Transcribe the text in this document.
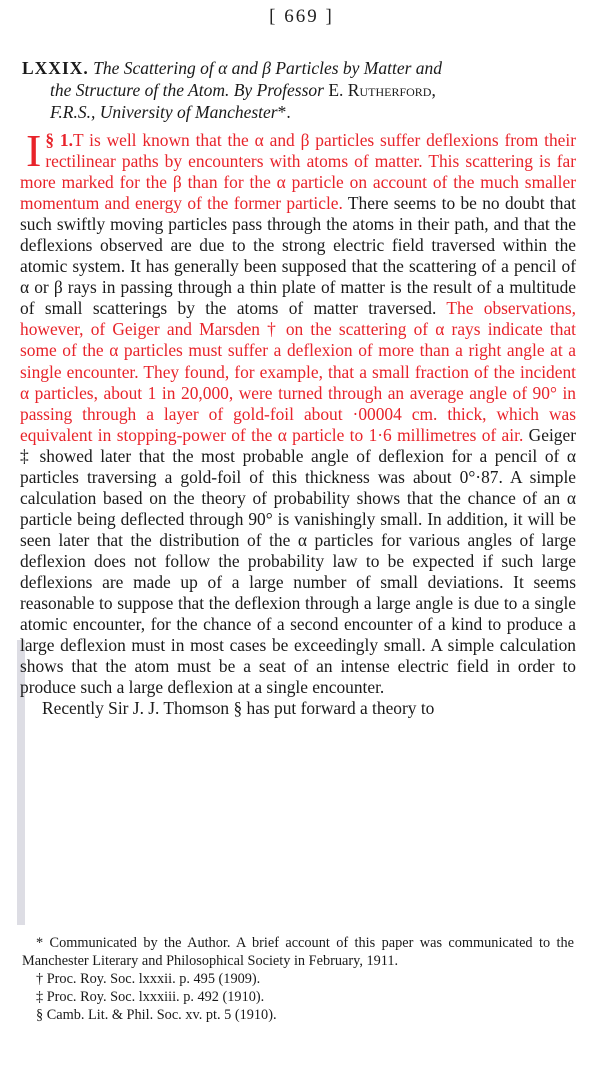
[ 669 ]
LXXIX. The Scattering of α and β Particles by Matter and
the Structure of the Atom. By Professor E. Rutherford,
F.R.S., University of Manchester*.

§ 1.
I T is well known that the α and β particles suffer deflexions from their rectilinear paths by encounters with atoms of matter. This scattering is far more marked for the β than for the α particle on account of the much smaller momentum and energy of the former particle. There seems to be no doubt that such swiftly moving particles pass through the atoms in their path, and that the deflexions observed are due to the strong electric field traversed within the atomic system. It has generally been supposed that the scattering of a pencil of α or β rays in passing through a thin plate of matter is the result of a multitude of small scatterings by the atoms of matter traversed. The observations, however, of Geiger and Marsden † on the scattering of α rays indicate that some of the α particles must suffer a deflexion of more than a right angle at a single encounter. They found, for example, that a small fraction of the incident α particles, about 1 in 20,000, were turned through an average angle of 90° in passing through a layer of gold-foil about ·00004 cm. thick, which was equivalent in stopping-power of the α particle to 1·6 millimetres of air. Geiger ‡ showed later that the most probable angle of deflexion for a pencil of α particles traversing a gold-foil of this thickness was about 0°·87. A simple calculation based on the theory of probability shows that the chance of an α particle being deflected through 90° is vanishingly small. In addition, it will be seen later that the distribution of the α particles for various angles of large deflexion does not follow the probability law to be expected if such large deflexions are made up of a large number of small deviations. It seems reasonable to suppose that the deflexion through a large angle is due to a single atomic encounter, for the chance of a second encounter of a kind to produce a large deflexion must in most cases be exceedingly small. A simple calculation shows that the atom must be a seat of an intense electric field in order to produce such a large deflexion at a single encounter.

Recently Sir J. J. Thomson § has put forward a theory to

* Communicated by the Author. A brief account of this paper was communicated to the Manchester Literary and Philosophical Society in February, 1911.

† Proc. Roy. Soc. lxxxii. p. 495 (1909).

‡ Proc. Roy. Soc. lxxxiii. p. 492 (1910).

§ Camb. Lit. & Phil. Soc. xv. pt. 5 (1910).
